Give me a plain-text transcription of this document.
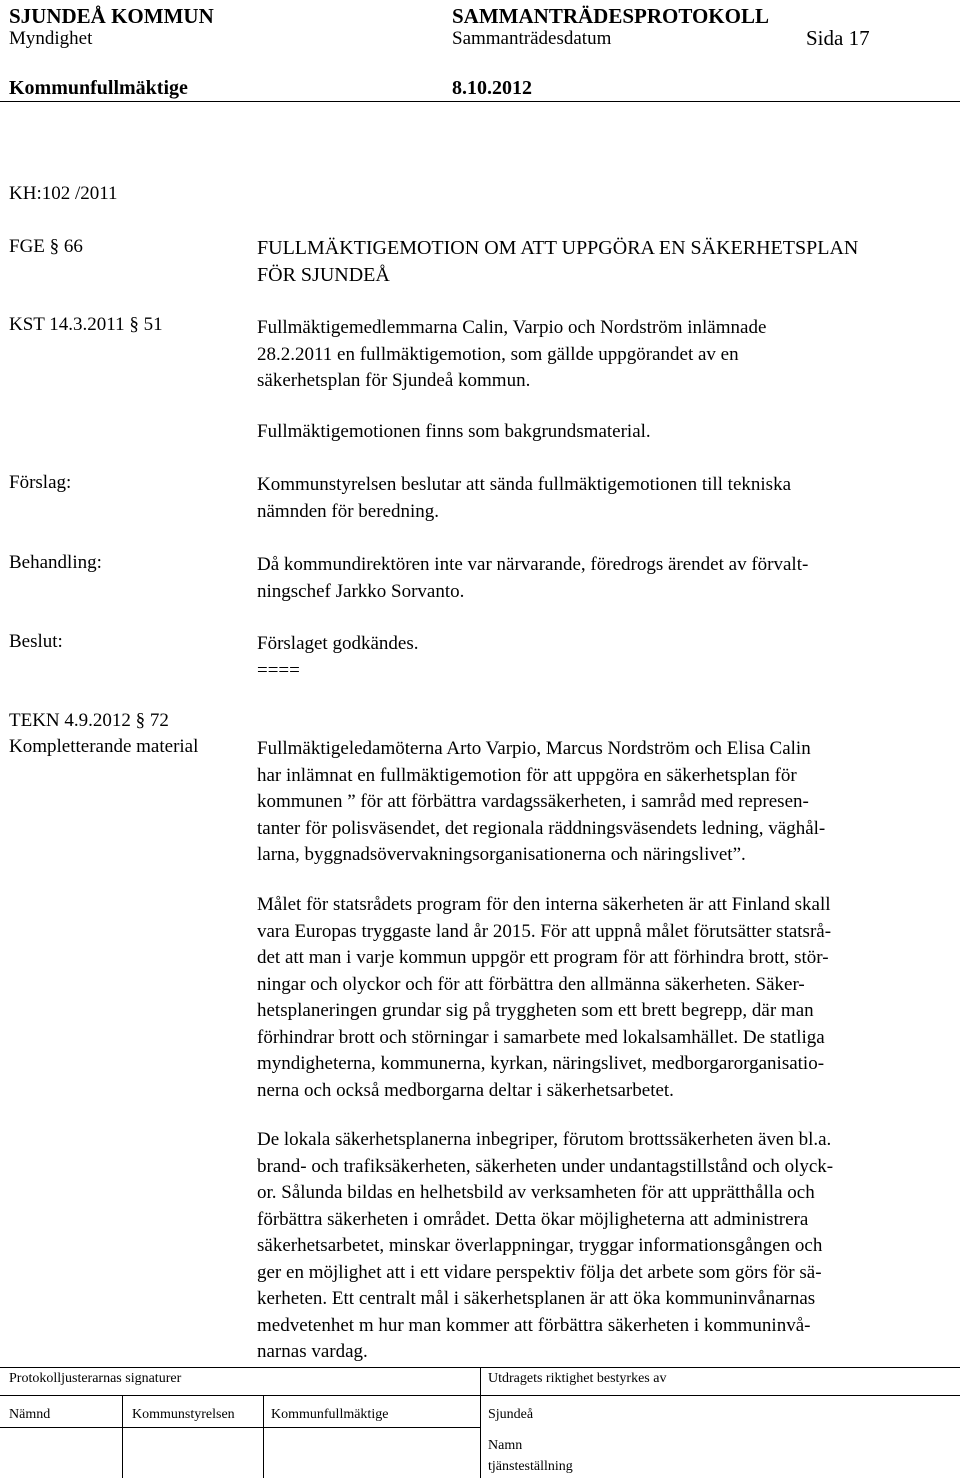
SJUNDEÅ KOMMUN	SAMMANTRÄDESPROTOKOLL
Myndighet	Sammanträdesdatum	Sida 17
Kommunfullmäktige	8.10.2012
KH:102 /2011
FGE § 66
KST 14.3.2011 § 51
FULLMÄKTIGEMOTION OM ATT UPPGÖRA EN SÄKERHETSPLAN
FÖR SJUNDEÅ
Fullmäktigemedlemmarna Calin, Varpio och Nordström inlämnade
28.2.2011 en fullmäktigemotion, som gällde uppgörandet av en
säkerhetsplan för Sjundeå kommun.
Fullmäktigemotionen finns som bakgrundsmaterial.
Förslag:	Kommunstyrelsen beslutar att sända fullmäktigemotionen till tekniska
nämnden för beredning.
Behandling:	Då kommundirektören inte var närvarande, föredrogs ärendet av förvalt-
ningschef Jarkko Sorvanto.
Beslut:	Förslaget godkändes.
====
TEKN 4.9.2012 § 72
Kompletterande material	Fullmäktigeledamöterna Arto Varpio, Marcus Nordström och Elisa Calin
har inlämnat en fullmäktigemotion för att uppgöra en säkerhetsplan för
kommunen ” för att förbättra vardagssäkerheten, i samråd med represen-
tanter för polisväsendet, det regionala räddningsväsendets ledning, väghål-
larna, byggnadsövervakningsorganisationerna och näringslivet”.
Målet för statsrådets program för den interna säkerheten är att Finland skall
vara Europas tryggaste land år 2015. För att uppnå målet förutsätter statsrå-
det att man i varje kommun uppgör ett program för att förhindra brott, stör-
ningar och olyckor och för att förbättra den allmänna säkerheten. Säker-
hetsplaneringen grundar sig på tryggheten som ett brett begrepp, där man
förhindrar brott och störningar i samarbete med lokalsamhället. De statliga
myndigheterna, kommunerna, kyrkan, näringslivet, medborgarorganisatio-
nerna och också medborgarna deltar i säkerhetsarbetet.
De lokala säkerhetsplanerna inbegriper, förutom brottssäkerheten även bl.a.
brand- och trafiksäkerheten, säkerheten under undantagstillstånd och olyck-
or. Sålunda bildas en helhetsbild av verksamheten för att upprätthålla och
förbättra säkerheten i området. Detta ökar möjligheterna att administrera
säkerhetsarbetet, minskar överlappningar, tryggar informationsgången och
ger en möjlighet att i ett vidare perspektiv följa det arbete som görs för sä-
kerheten. Ett centralt mål i säkerhetsplanen är att öka kommuninvånarnas
medvetenhet m hur man kommer att förbättra säkerheten i kommuninvå-
narnas vardag.
Protokolljusterarnas signaturer	Utdragets riktighet bestyrkes av
Nämnd	Kommunstyrelsen	Kommunfullmäktige	Sjundeå
Namn
tjänsteställning
